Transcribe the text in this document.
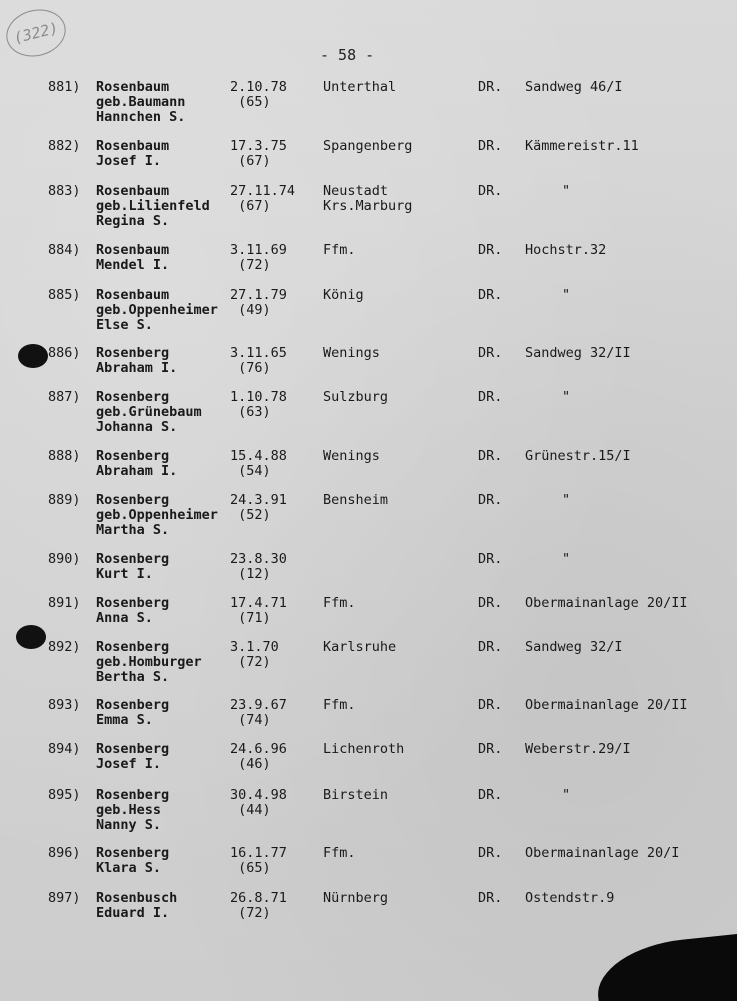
(322)
- 58 -
881) Rosenbaum
geb.Baumann
Hannchen S.
2.10.78
(65)
Unterthal	DR. Sandweg 46/I
882) Rosenbaum
Josef I.
17.3.75
(67)
Spangenberg	DR. Kämmereistr.11
883) Rosenbaum
geb.Lilienfeld
Regina S.
27.11.74
(67)
Neustadt
Krs.Marburg
DR.	"
884) Rosenbaum
Mendel I.
3.11.69
(72)
Ffm.	DR. Hochstr.32
885) Rosenbaum
geb.Oppenheimer
Else S.
27.1.79
(49)
König	DR.	"
886) Rosenberg
Abraham I.
3.11.65
(76)
Wenings	DR. Sandweg 32/II
887) Rosenberg
geb.Grünebaum
Johanna S.
1.10.78
(63)
Sulzburg	DR.	"
888) Rosenberg
Abraham I.
15.4.88
(54)
Wenings	DR. Grünestr.15/I
889) Rosenberg
geb.Oppenheimer
Martha S.
24.3.91
(52)
Bensheim	DR.	"
890) Rosenberg
Kurt I.
23.8.30
(12)
DR.	"
891) Rosenberg
Anna S.
17.4.71
(71)
Ffm.	DR. Obermainanlage 20/II
892) Rosenberg
geb.Homburger
Bertha S.
3.1.70
(72)
Karlsruhe	DR. Sandweg 32/I
893) Rosenberg
Emma S.
23.9.67
(74)
Ffm.	DR. Obermainanlage 20/II
894) Rosenberg
Josef I.
24.6.96
(46)
Lichenroth	DR. Weberstr.29/I
895) Rosenberg
geb.Hess
Nanny S.
30.4.98
(44)
Birstein	DR.	"
896) Rosenberg
Klara S.
16.1.77
(65)
Ffm.	DR. Obermainanlage 20/I
897) Rosenbusch
Eduard I.
26.8.71
(72)
Nürnberg	DR. Ostendstr.9
